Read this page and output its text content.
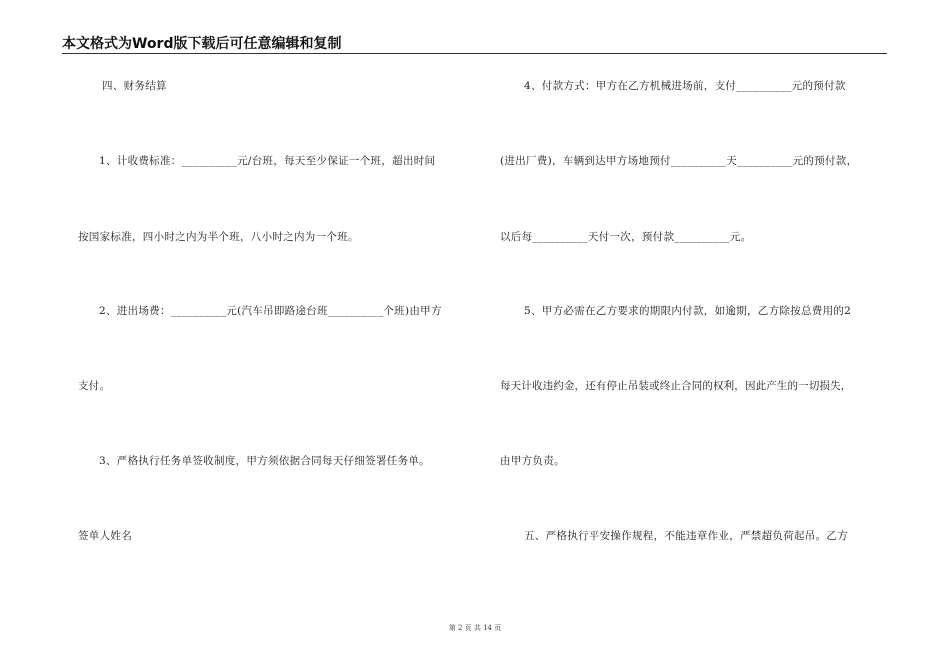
本文格式为Word版下载后可任意编辑和复制
四、财务结算
1、计收费标准：__________元/台班，每天至少保证一个班，超出时间
按国家标准，四小时之内为半个班，八小时之内为一个班。
2、进出场费：__________元(汽车吊即路途台班__________个班)由甲方
支付。
3、严格执行任务单签收制度，甲方须依据合同每天仔细签署任务单。
签单人姓名
4、付款方式：甲方在乙方机械进场前，支付__________元的预付款
(进出厂费)，车辆到达甲方场地预付__________天__________元的预付款，
以后每__________天付一次，预付款__________元。
5、甲方必需在乙方要求的期限内付款，如逾期，乙方除按总费用的2
每天计收违约金，还有停止吊装或终止合同的权利，因此产生的一切损失，
由甲方负责。
五、严格执行平安操作规程，不能违章作业，严禁超负荷起吊。乙方
第 2 页 共 14 页
